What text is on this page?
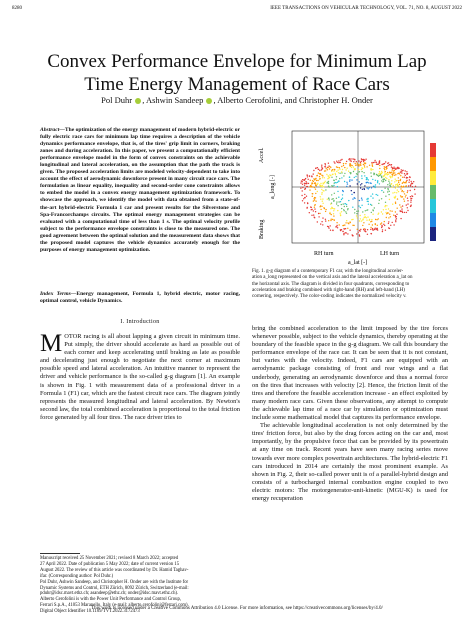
8280	IEEE TRANSACTIONS ON VEHICULAR TECHNOLOGY, VOL. 71, NO. 8, AUGUST 2022
Convex Performance Envelope for Minimum Lap
Time Energy Management of Race Cars
Pol Duhr , Ashwin Sandeep , Alberto Cerofolini, and Christopher H. Onder
Abstract—The optimization of the energy management of modern hybrid-electric or fully electric race cars for minimum lap time requires a description of the vehicle dynamics performance envelope, that is, of the tires' grip limit in corners, braking zones and during acceleration. In this paper, we present a computationally efficient performance envelope model in the form of convex constraints on the achievable longitudinal and lateral acceleration, on the assumption that the path the track is given. The proposed acceleration limits are modeled velocity-dependent to take into account the effect of aerodynamic downforce present in many circuit race cars. The formulation as linear equality, inequality and second-order cone constraints allows to embed the model in a convex energy management optimization framework. To showcase the approach, we identify the model with data obtained from a state-of-the-art hybrid-electric Formula 1 car and present results for the Silverstone and Spa-Francorchamps circuits. The optimal energy management strategies can be evaluated with a computational time of less than 1 s. The optimal velocity profile subject to the performance envelope constraints is close to the measured one. The good agreement between the optimal solution and the measurement data shows that the proposed model captures the vehicle dynamics accurately enough for the purposes of energy management optimization.
Index Terms—Energy management, Formula 1, hybrid electric, motor racing, optimal control, vehicle Dynamics.
I. Introduction
MOTOR racing is all about lapping a given circuit in minimum time. Put simply, the driver should accelerate as hard as possible out of each corner and keep accelerating until braking as late as possible and decelerating just enough to negotiate the next corner at maximum possible speed and lateral acceleration. An intuitive manner to represent the driver and vehicle performance is the so-called g-g diagram [1]. An example is shown in Fig. 1 with measurement data of a professional driver in a Formula 1 (F1) car, which are the fastest circuit race cars. The diagram jointly represents the measured longitudinal and lateral acceleration. By Newton's second law, the total combined acceleration is proportional to the total friction force generated by all four tires. The race driver tries to
Manuscript received 25 November 2021; revised 8 March 2022; accepted
27 April 2022. Date of publication 5 May 2022; date of current version 15
August 2022. The review of this article was coordinated by Dr. Hamid Taghav-
ifar. (Corresponding author: Pol Duhr.)
Pol Duhr, Ashwin Sandeep, and Christopher H. Onder are with the Institute for
Dynamic Systems and Control, ETH Zürich, 8092 Zürich, Switzerland (e-mail:
pduhr@idsc.mavt.ethz.ch; asandeep@ethz.ch; onder@idsc.mavt.ethz.ch).
Alberto Cerofolini is with the Power Unit Performance and Control Group,
Ferrari S.p.A., 41053 Maranello, Italy (e-mail: alberto.cerofolini@ferrari.com).
Digital Object Identifier 10.1109/TVT.2022.3172473
Braking
Accel.
a_long [-]
RH turn	LH turn
a_lat [-]
Fig. 1. g-g diagram of a contemporary F1 car, with the longitudinal acceler-
ation a_long represented on the vertical axis and the lateral acceleration a_lat on
the horizontal axis. The diagram is divided in four quadrants, corresponding to
acceleration and braking combined with right-hand (RH) and left-hand (LH)
cornering, respectively. The color-coding indicates the normalized velocity v.
bring the combined acceleration to the limit imposed by the tire forces whenever possible, subject to the vehicle dynamics, thereby operating at the boundary of the feasible space in the g-g diagram. We call this boundary the performance envelope of the race car. It can be seen that it is not constant, but varies with the velocity. Indeed, F1 cars are equipped with an aerodynamic package consisting of front and rear wings and a flat underbody, generating an aerodynamic downforce and thus a normal force on the tires that increases with velocity [2]. Hence, the friction limit of the tires and therefore the feasible acceleration increase - an effect exploited by many modern race cars. Given these observations, any attempt to compute the achievable lap time of a race car by simulation or optimization must include some mathematical model that captures its performance envelope.
The achievable longitudinal acceleration is not only determined by the tires' friction force, but also by the drag forces acting on the car and, most importantly, by the propulsive force that can be provided by its powertrain at any time on track. Recent years have seen many racing series move towards ever more complex powertrain architectures. The hybrid-electric F1 cars introduced in 2014 are certainly the most prominent example. As shown in Fig. 2, their so-called power unit is of a parallel-hybrid design and consists of a turbocharged internal combustion engine coupled to two electric motors: The motorgenerator-unit-kinetic (MGU-K) is used for energy recuperation
This work is licensed under a Creative Commons Attribution 4.0 License. For more information, see https://creativecommons.org/licenses/by/4.0/
